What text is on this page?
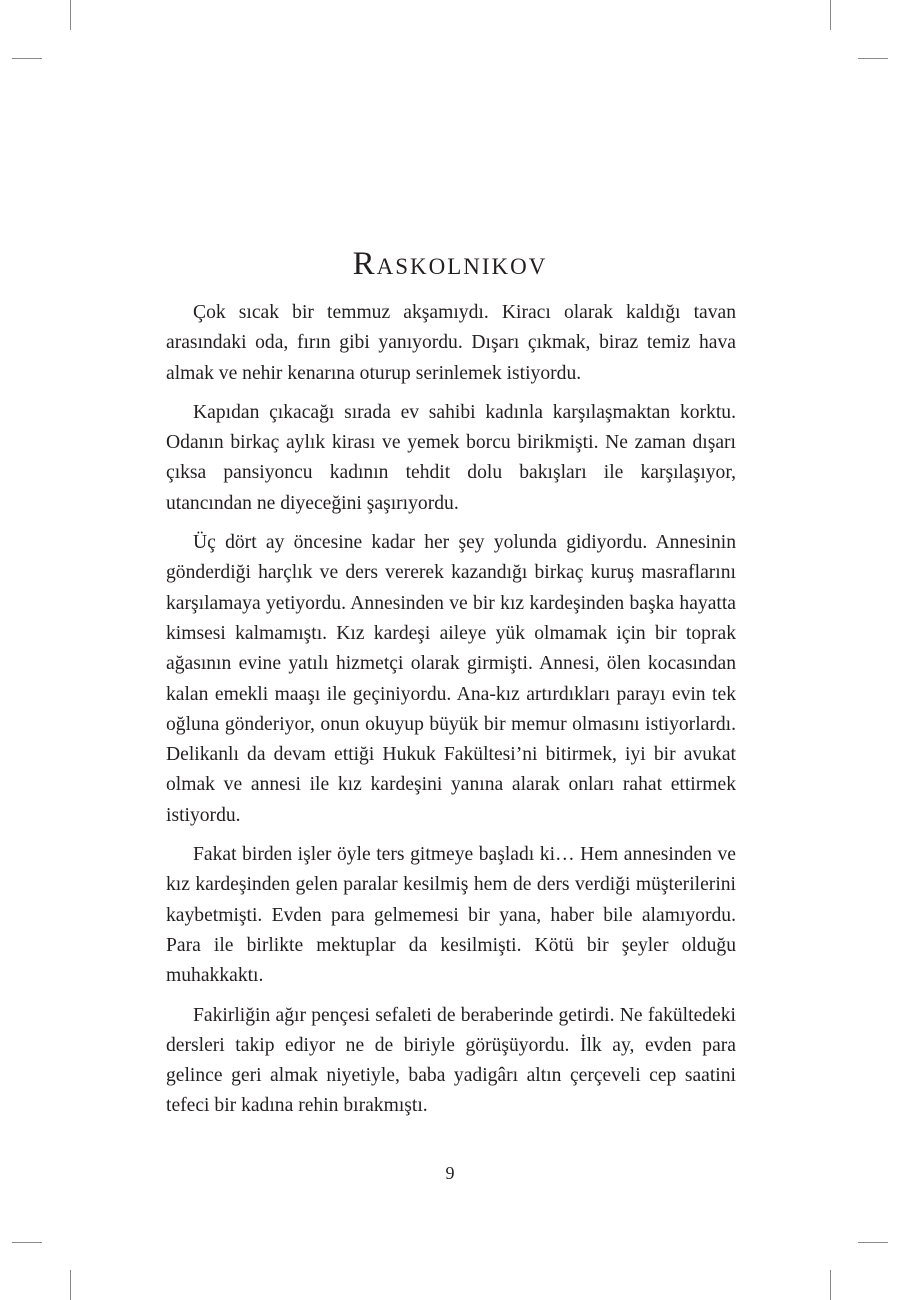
Raskolnikov

Çok sıcak bir temmuz akşamıydı. Kiracı olarak kaldığı tavan arasındaki oda, fırın gibi yanıyordu. Dışarı çıkmak, biraz temiz hava almak ve nehir kenarına oturup serinlemek istiyordu.

Kapıdan çıkacağı sırada ev sahibi kadınla karşılaşmaktan korktu. Odanın birkaç aylık kirası ve yemek borcu birikmişti. Ne zaman dışarı çıksa pansiyoncu kadının tehdit dolu bakışları ile karşılaşıyor, utancından ne diyeceğini şaşırıyordu.

Üç dört ay öncesine kadar her şey yolunda gidiyordu. Annesinin gönderdiği harçlık ve ders vererek kazandığı birkaç kuruş masraflarını karşılamaya yetiyordu. Annesinden ve bir kız kardeşinden başka hayatta kimsesi kalmamıştı. Kız kardeşi aileye yük olmamak için bir toprak ağasının evine yatılı hizmetçi olarak girmişti. Annesi, ölen kocasından kalan emekli maaşı ile geçiniyordu. Ana-kız artırdıkları parayı evin tek oğluna gönderiyor, onun okuyup büyük bir memur olmasını istiyorlardı. Delikanlı da devam ettiği Hukuk Fakültesi’ni bitirmek, iyi bir avukat olmak ve annesi ile kız kardeşini yanına alarak onları rahat ettirmek istiyordu.

Fakat birden işler öyle ters gitmeye başladı ki… Hem annesinden ve kız kardeşinden gelen paralar kesilmiş hem de ders verdiği müşterilerini kaybetmişti. Evden para gelmemesi bir yana, haber bile alamıyordu. Para ile birlikte mektuplar da kesilmişti. Kötü bir şeyler olduğu muhakkaktı.

Fakirliğin ağır pençesi sefaleti de beraberinde getirdi. Ne fakültedeki dersleri takip ediyor ne de biriyle görüşüyordu. İlk ay, evden para gelince geri almak niyetiyle, baba yadigârı altın çerçeveli cep saatini tefeci bir kadına rehin bırakmıştı.

9
